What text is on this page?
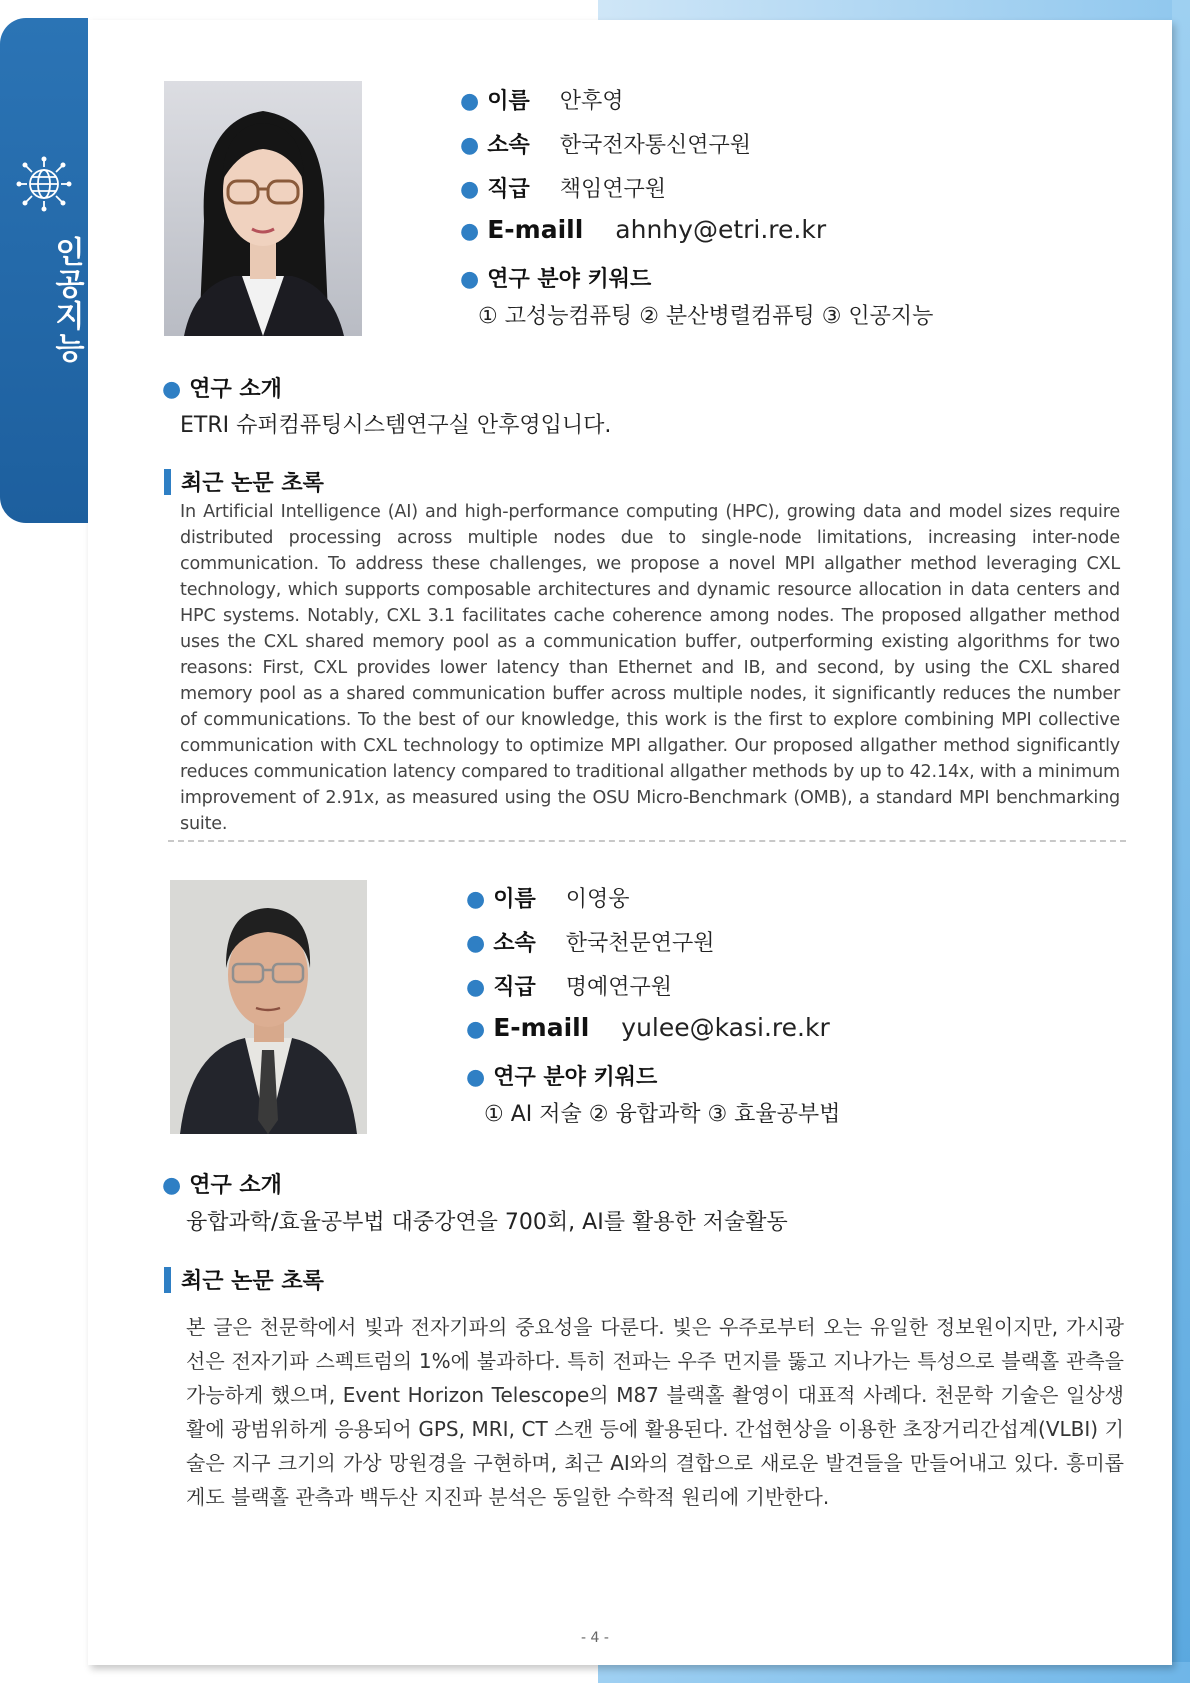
인공지능
● 이름 안후영
● 소속 한국전자통신연구원
● 직급 책임연구원
● E-maill ahnhy@etri.re.kr
● 연구 분야 키워드
① 고성능컴퓨팅 ② 분산병렬컴퓨팅 ③ 인공지능
● 연구 소개
ETRI 슈퍼컴퓨팅시스템연구실 안후영입니다.
최근 논문 초록
In Artificial Intelligence (AI) and high-performance computing (HPC), growing data and model sizes require distributed processing across multiple nodes due to single-node limitations, increasing inter-node communication. To address these challenges, we propose a novel MPI allgather method leveraging CXL technology, which supports composable architectures and dynamic resource allocation in data centers and HPC systems. Notably, CXL 3.1 facilitates cache coherence among nodes. The proposed allgather method uses the CXL shared memory pool as a communication buffer, outperforming existing algorithms for two reasons: First, CXL provides lower latency than Ethernet and IB, and second, by using the CXL shared memory pool as a shared communication buffer across multiple nodes, it significantly reduces the number of communications. To the best of our knowledge, this work is the first to explore combining MPI collective communication with CXL technology to optimize MPI allgather. Our proposed allgather method significantly reduces communication latency compared to traditional allgather methods by up to 42.14x, with a minimum improvement of 2.91x, as measured using the OSU Micro-Benchmark (OMB), a standard MPI benchmarking suite.
● 이름 이영웅
● 소속 한국천문연구원
● 직급 명예연구원
● E-maill yulee@kasi.re.kr
● 연구 분야 키워드
① AI 저술 ② 융합과학 ③ 효율공부법
● 연구 소개
융합과학/효율공부법 대중강연을 700회, AI를 활용한 저술활동
최근 논문 초록
본 글은 천문학에서 빛과 전자기파의 중요성을 다룬다. 빛은 우주로부터 오는 유일한 정보원이지만, 가시광선은 전자기파 스펙트럼의 1%에 불과하다. 특히 전파는 우주 먼지를 뚫고 지나가는 특성으로 블랙홀 관측을 가능하게 했으며, Event Horizon Telescope의 M87 블랙홀 촬영이 대표적 사례다. 천문학 기술은 일상생활에 광범위하게 응용되어 GPS, MRI, CT 스캔 등에 활용된다. 간섭현상을 이용한 초장거리간섭계(VLBI) 기술은 지구 크기의 가상 망원경을 구현하며, 최근 AI와의 결합으로 새로운 발견들을 만들어내고 있다. 흥미롭게도 블랙홀 관측과 백두산 지진파 분석은 동일한 수학적 원리에 기반한다.
- 4 -
